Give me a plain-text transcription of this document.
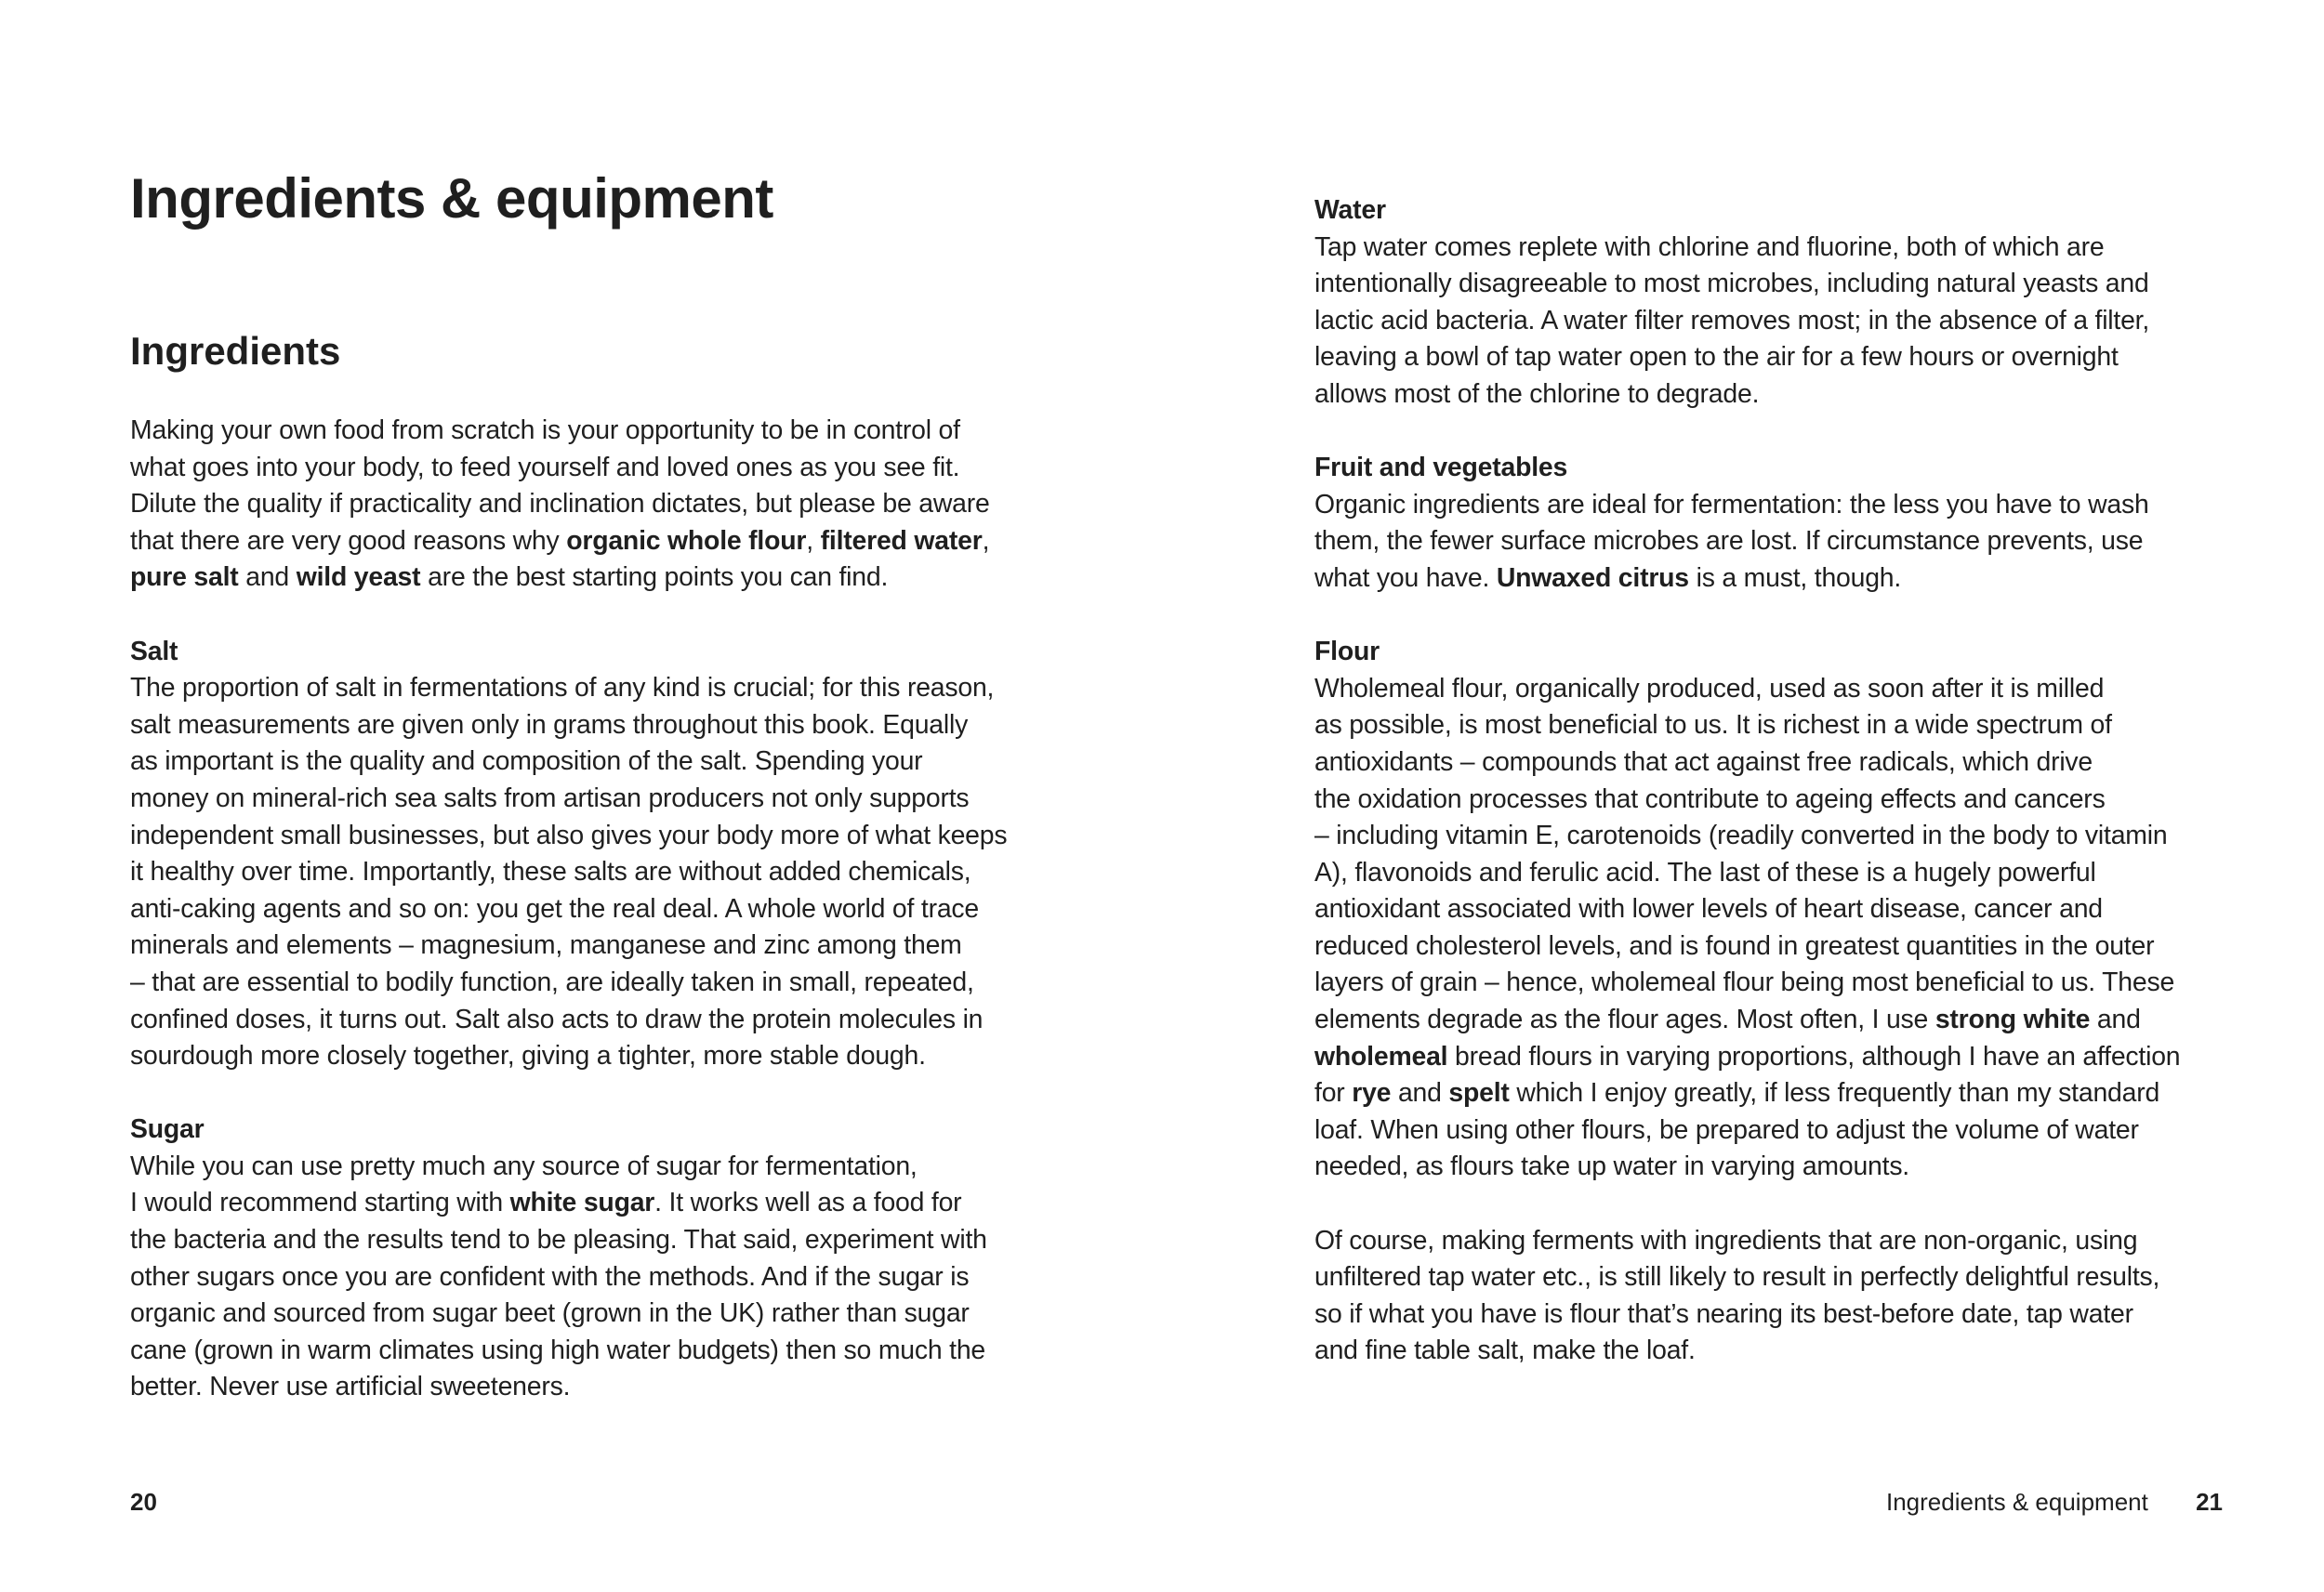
Ingredients & equipment
Ingredients
Making your own food from scratch is your opportunity to be in control of
what goes into your body, to feed yourself and loved ones as you see fit.
Dilute the quality if practicality and inclination dictates, but please be aware
that there are very good reasons why organic whole flour, filtered water,
pure salt and wild yeast are the best starting points you can find.
Salt
The proportion of salt in fermentations of any kind is crucial; for this reason,
salt measurements are given only in grams throughout this book. Equally
as important is the quality and composition of the salt. Spending your
money on mineral-rich sea salts from artisan producers not only supports
independent small businesses, but also gives your body more of what keeps
it healthy over time. Importantly, these salts are without added chemicals,
anti-caking agents and so on: you get the real deal. A whole world of trace
minerals and elements – magnesium, manganese and zinc among them
– that are essential to bodily function, are ideally taken in small, repeated,
confined doses, it turns out. Salt also acts to draw the protein molecules in
sourdough more closely together, giving a tighter, more stable dough.
Sugar
While you can use pretty much any source of sugar for fermentation,
I would recommend starting with white sugar. It works well as a food for
the bacteria and the results tend to be pleasing. That said, experiment with
other sugars once you are confident with the methods. And if the sugar is
organic and sourced from sugar beet (grown in the UK) rather than sugar
cane (grown in warm climates using high water budgets) then so much the
better. Never use artificial sweeteners.
20
Water
Tap water comes replete with chlorine and fluorine, both of which are
intentionally disagreeable to most microbes, including natural yeasts and
lactic acid bacteria. A water filter removes most; in the absence of a filter,
leaving a bowl of tap water open to the air for a few hours or overnight
allows most of the chlorine to degrade.
Fruit and vegetables
Organic ingredients are ideal for fermentation: the less you have to wash
them, the fewer surface microbes are lost. If circumstance prevents, use
what you have. Unwaxed citrus is a must, though.
Flour
Wholemeal flour, organically produced, used as soon after it is milled
as possible, is most beneficial to us. It is richest in a wide spectrum of
antioxidants – compounds that act against free radicals, which drive
the oxidation processes that contribute to ageing effects and cancers
– including vitamin E, carotenoids (readily converted in the body to vitamin
A), flavonoids and ferulic acid. The last of these is a hugely powerful
antioxidant associated with lower levels of heart disease, cancer and
reduced cholesterol levels, and is found in greatest quantities in the outer
layers of grain – hence, wholemeal flour being most beneficial to us. These
elements degrade as the flour ages. Most often, I use strong white and
wholemeal bread flours in varying proportions, although I have an affection
for rye and spelt which I enjoy greatly, if less frequently than my standard
loaf. When using other flours, be prepared to adjust the volume of water
needed, as flours take up water in varying amounts.
Of course, making ferments with ingredients that are non-organic, using
unfiltered tap water etc., is still likely to result in perfectly delightful results,
so if what you have is flour that’s nearing its best-before date, tap water
and fine table salt, make the loaf.
Ingredients & equipment 21
